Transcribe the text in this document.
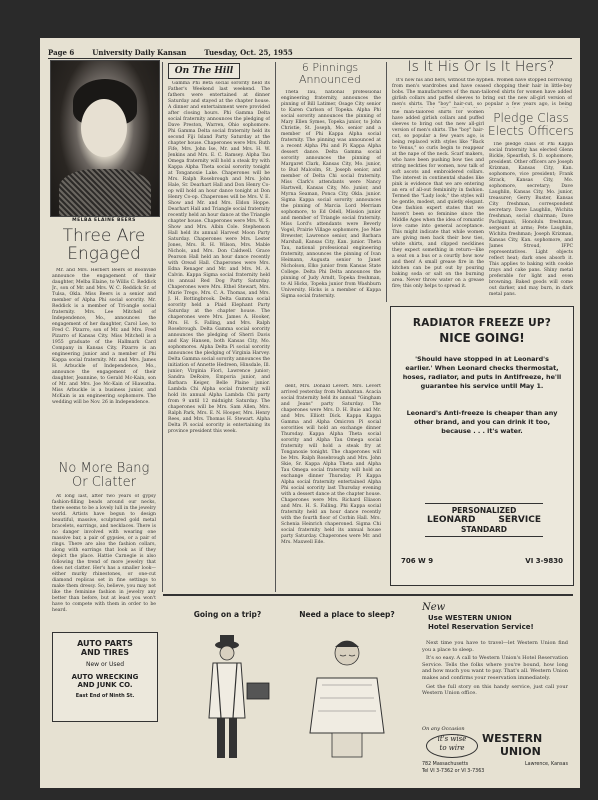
Page 6	University Daily Kansan	Tuesday, Oct. 25, 1955
MELBA ELAINE BEERS
Three Are Engaged

Mr. and Mrs. Herbert Beers of Boonville announce the engagement of their daughter, Melba Elaine, to Willis C. Reddick Jr., son of Mr. and Mrs. W. C. Reddick Sr. of Tulsa, Okla. Miss Beers is a senior and member of Alpha Phi social sorority. Mr. Reddick is a member of Tri-angle social fraternity. Mrs. Lee Mitchell of Independence, Mo., announces the engagement of her daughter, Carol Lee, to Fred C. Pizarro, son of Mr. and Mrs. Fred Pizarro of Kansas City. Miss Mitchell is a 1955 graduate of the Hallmark Card Company in Kansas City. Pizarro is an engineering junior and a member of Phi Kappa social fraternity. Mr. and Mrs. James H. Arbuckle of Independence, Mo., announce the engagement of their daughter, Jeannine, to Gerald Mc-Kain, son of Mr. and Mrs. Joe Mc-Kain of Hiawatha. Miss Arbuckle is a business junior, and McKain is an engineering sophomore. The wedding will be Nov. 26 in Independence.

No More Bang Or Clatter

At long last, after two years of gypsy fashion-filling beads around our necks, there seems to be a lovely lull in the jewelry world. Artists have begun to design beautiful, massive, sculptured gold metal bracelets, earrings, and necklaces. There is no danger involved with wearing one massive bar, a pair of gypsies, or a pair of rings. There are also the fashion collars, along with earrings that look as if they depict the place. Hattie Carnegie is also following the trend of more jewelry that does not clatter. Her's has a smaller look—either murky rhinestones, or one-cut diamond replicas set in fine settings to make them dressy. So, believe, you may not like the feminine fashion in jewelry any better than before, but at least you won't have to compete with them in order to be heard.

AUTO PARTS
AND TIRES
New or Used
AUTO WRECKING
AND JUNK CO.
East End of Ninth St.
On The Hill

Gamma Phi Beta social sorority held its Father's Weekend last weekend. The fathers were entertained at dinner Saturday and stayed at the chapter house. A dinner and entertainment were provided after closing hours. Phi Gamma Delta social fraternity announces the pledging of Dave Preston, Warren, Ohio sophomore. Phi Gamma Delta social fraternity held its second Fiji Island Party Saturday at the chapter house. Chaperones were Mrs. Ruth Fife, Mrs. John Ise, Mr. and Mrs. H. W. Jenkins and Mrs. E. C. Ramsey. Alpha Tau Omega fraternity will hold a steak fry with Kappa Alpha Theta social sorority tonight at Tonganoxie Lake. Chaperones will be Mrs. Ralph Rosebrough and Mrs. John Hale, Sr. Dearhart Hall and Don Henry Co-op will hold an hour dance tonight at Don Henry Co-op. Chaperones will be Mrs. V. E. Show and Mr. and Mrs. Eldon Hoppe. Dearhart Hall and Triangle social fraternity recently held an hour dance at the Triangle chapter house. Chaperones were Mrs. W. S. Show and Mrs. Albin Cole. Stephenson Hall held its annual Harvest Moon Party Saturday. Chaperones were Mrs. Lester Jones, Mrs. R. H. Wilson, Mrs. Mable Nichols, and Mrs. Don Caldwell. Grace Pearson Hall held an hour dance recently with Oread Hall. Chaperones were Mrs. Edna Renager and Mr. and Mrs. M. A. Calvin. Kappa Sigma social fraternity held its annual Red Dog Party Saturday. Chaperones were Mrs. Ethel Stewart, Mrs. Marie Trego, Mrs. C. A. Thomas, and Mrs. J. H. Bottingbrook. Delta Gamma social sorority held a Plaid Elephant Party Saturday at the chapter house. The chaperones were Mrs. James A. Hooker, Mrs. H. S. Falling, and Mrs. Ralph Rosebrough. Delta Gamma social sorority announces the pledging of Sherri Davis and Kay Hansen, both Kansas City, Mo. sophomores. Alpha Delta Pi social sorority announces the pledging of Virginia Harvey. Delta Gamma social sorority announces the initiation of Annette Hedreen, Hinsdale, Ill. junior; Virginia Fiori, Lawrence junior; Sandra DeRoire, Emporia junior, and Barbara Keiger, Belle Plaine junior. Lambda Chi Alpha social fraternity will hold its annual Alpha Lambda Chi party from 9 until 12 midnight Saturday. The chaperones will be Mrs. Sam Allen, Mrs. Ralph Park, Mrs. E. N. Hooper, Mrs. Henry Rees, and Mrs. Thomas H. Stewart. Alpha Delta Pi social sorority is entertaining its province president this week.

6 Pinnings Announced

Theta Tau, national professional engineering fraternity, announces the pinning of Bill Latimer, Osage City senior to Karen Carlson of Topeka. Alpha Phi social sorority announces the pinning of Mary Ellen Symes, Topeka junior, to John Christie, St. Joseph, Mo. senior and a member of Phi Kappa Alpha social fraternity. The pinning was announced at a recent Alpha Phi and Pi Kappa Alpha dessert dance. Delta Gamma social sorority announces the pinning of Margaret Clark, Kansas City, Mo. junior, to Bud Malcolm, St. Joseph senior, and member of Delta Chi social fraternity. Miss Clark's attendants were Nancy Hartwell, Kansas City, Mo. junior, and Myrna Seaman, Ponca City, Okla. junior. Sigma Kappa social sorority announces the pinning of Marcia Lord Merriam sophomore, to Ed Odell, Mission junior and member of Triangle social fraternity. Miss Lord's attendants were Beverly Vogel, Prairie Village sophomore, Joe Mae Brewster, Lawrence senior, and Barbara Marshall, Kansas City, Kan. junior. Theta Tau, national professional engineering fraternity, announces the pinning of Ivan Heimann, Augusta senior to Janet Nicholson, Elko junior from Kansas State College. Delta Phi Delta announces the pinning of Judy Arndt, Topeka freshman, to Al Hicks, Topeka junior from Washburn University. Hicks is a member of Kappa Sigma social fraternity.

dent, Mrs. Donald Levert. Mrs. Levert arrived yesterday from Manhattan. Acacia social fraternity held its annual "Gingham and Jeans" party Saturday. The chaperones were Mrs. D. H. Buie and Mr. and Mrs. Elliott Dick. Kappa Kappa Gamma and Alpha Omicron Pi social sororities will hold an exchange dinner Thursday. Kappa Alpha Theta social sorority and Alpha Tau Omega social fraternity will hold a steak fry at Tonganoxie tonight. The chaperones will be Mrs. Ralph Rosebrough and Mrs. John Skie, Sr. Kappa Alpha Theta and Alpha Tau Omega social fraternity will hold an exchange dinner Thursday. Pi Kappa Alpha social fraternity entertained Alpha Phi social sorority last Thursday evening with a dessert dance at the chapter house. Chaperones were Mrs. Richard Eliason and Mrs. H. S. Falling. Phi Kappa social fraternity held an hour dance recently with the fourth floor of Corbin Hall. Mrs. Schenia Heinrich chaperoned. Sigma Chi social fraternity held its annual house party Saturday. Chaperones were Mr. and Mrs. Maxwell Ede.

Is It His Or Is It Hers?

It's now his and hers, without the hyphen. Women have stopped borrowing from men's wardrobes and have ceased chopping their hair in little-boy bobs. The manufacturers of the man-tailored shirts for women have added girlish collars and puffed sleeves to bring out the new all-girl version of men's shirts. The "boy" hair-cut, so popular a few years ago, is being

the man-tailored shirts for women have added girlish collars and puffed sleeves to bring out the new all-girl version of men's shirts. The "boy" hair-cut, so popular a few years ago, is being replaced with styles like "Back to Venus," so curls begin to reappear at the nape of the neck. Scarf makers, who have been pushing bow ties and string neckties for women, now talk of soft ascots and embroidered collars. The interest in continental shades like pink is evidence that we are entering an era of all-out femininity in fashion. Termed the "Lady look," the styles will be gentle, modest, and quietly elegant. One fashion expert states that we haven't been so feminine since the Middle Ages when the idea of romantic love came into general acceptance. This might indicate that while women are giving men back their bow ties, white shirts, and clipped necklines they expect something in return—like a seat on a bus or a courtly bow now and then! A small grease fire in the kitchen can be put out by pouring baking soda or salt on the burning area. Never throw water on a grease fire; this only helps to spread it.

Pledge Class Elects Officers

The pledge class of Phi Kappa social fraternity has elected Glenn Bickle, Spearfish, S. D. sophomore, president. Other officers are Joseph Krizman, Kansas City, Kan. sophomore, vice president; Frank Strack, Kansas City, Mo. sophomore, secretary; Dave Laughlin, Kansas City, Mo. junior, treasurer; Gerry Buster, Kansas City freshman, correspondent secretary. Dave Laughlin, Wichita freshman, social chairman; Dave Pachignani, Honolulu freshman, sergeant at arms; Pete Laughlin, Wichita freshman; Joseph Krizman, Kansas City, Kan. sophomore, and James Stroud, IFPC representatives. Light objects reflect heat; dark ones absorb it. This applies to baking with cookie trays and cake pans. Shiny metal preferable for light and even browning. Baked goods will come out darker, and may burn, in dark metal pans.

RADIATOR FREEZE UP?
NICE GOING!
'Should have stopped in at Leonard's earlier.' When Leonard checks thermostat, hoses, radiator, and puts in Antifreeze, he'll guarantee his service until May 1.
Leonard's Anti-freeze is cheaper than any other brand, and you can drink it too, because . . . it's water.
PERSONALIZED
LEONARD	SERVICE
STANDARD
706 W 9	VI 3-9830
Going on a trip?	Need a place to sleep?
New
Use WESTERN UNION
Hotel Reservation Service!

Next time you have to travel—let Western Union find you a place to sleep.

It's so easy. A call to Western Union's Hotel Reservation Service. Tells the folks where you're bound, how long and how much you want to pay. That's all. Western Union makes and confirms your reservation immediately.

Get the full story on this handy service, just call your Western Union office.

On any Occasion
it's wise
to wire
WESTERN
UNION
782 Massachusetts	Lawrence, Kansas
Tel VI 3-7362 or VI 3-7363
